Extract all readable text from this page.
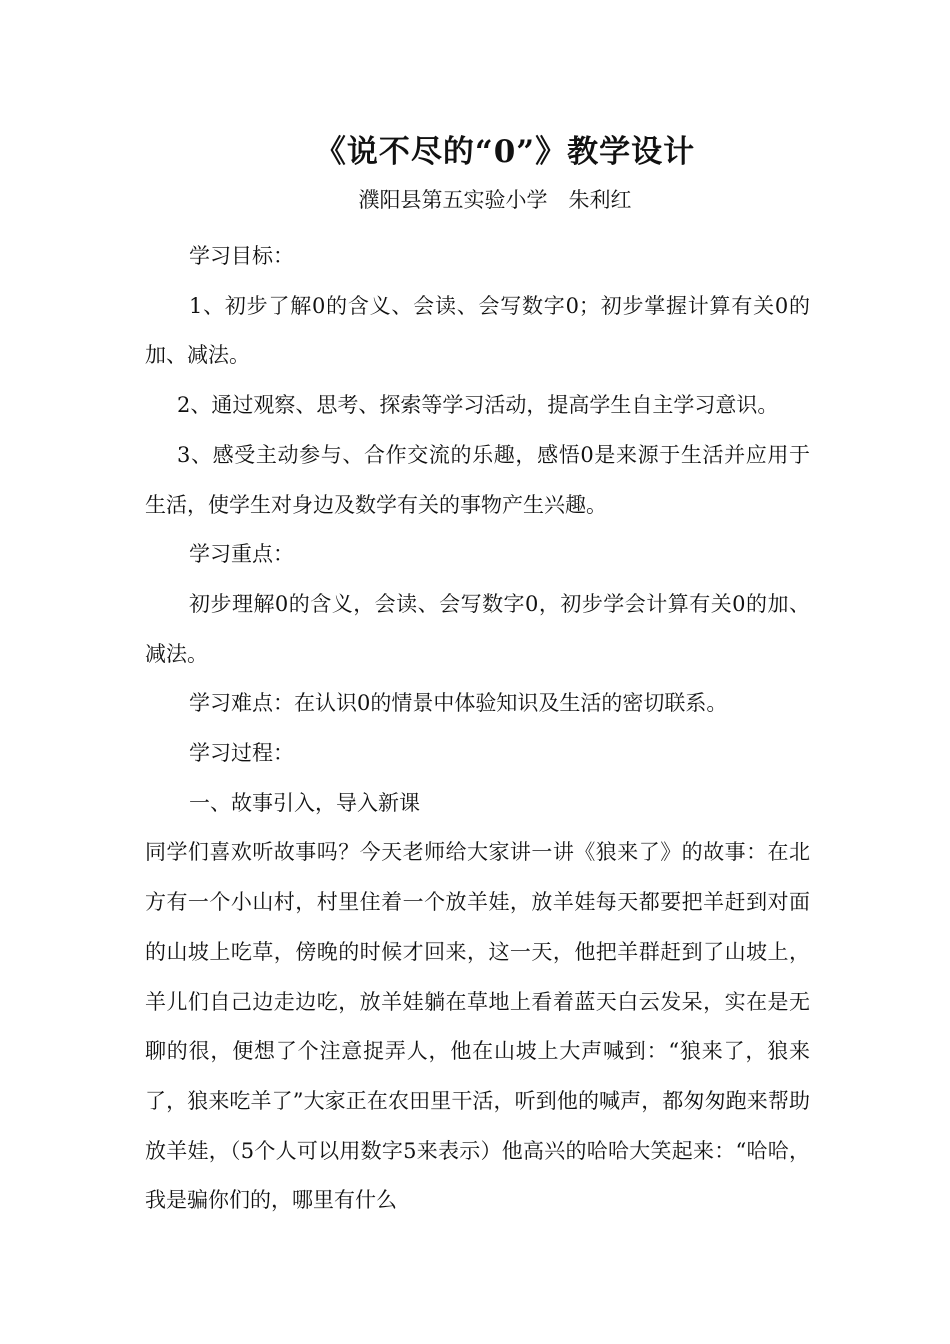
《说不尽的“0”》教学设计
濮阳县第五实验小学　朱利红

学习目标：

1、初步了解0的含义、会读、会写数字0；初步掌握计算有关0的加、减法。

2、通过观察、思考、探索等学习活动，提高学生自主学习意识。

3、感受主动参与、合作交流的乐趣，感悟0是来源于生活并应用于生活，使学生对身边及数学有关的事物产生兴趣。

学习重点：

初步理解0的含义，会读、会写数字0，初步学会计算有关0的加、减法。

学习难点：在认识0的情景中体验知识及生活的密切联系。

学习过程：

一、故事引入，导入新课

同学们喜欢听故事吗？今天老师给大家讲一讲《狼来了》的故事：在北方有一个小山村，村里住着一个放羊娃，放羊娃每天都要把羊赶到对面的山坡上吃草，傍晚的时候才回来，这一天，他把羊群赶到了山坡上，羊儿们自己边走边吃，放羊娃躺在草地上看着蓝天白云发呆，实在是无聊的很，便想了个注意捉弄人，他在山坡上大声喊到：“狼来了，狼来了，狼来吃羊了”大家正在农田里干活，听到他的喊声，都匆匆跑来帮助放羊娃，（5个人可以用数字5来表示）他高兴的哈哈大笑起来：“哈哈，我是骗你们的，哪里有什么
